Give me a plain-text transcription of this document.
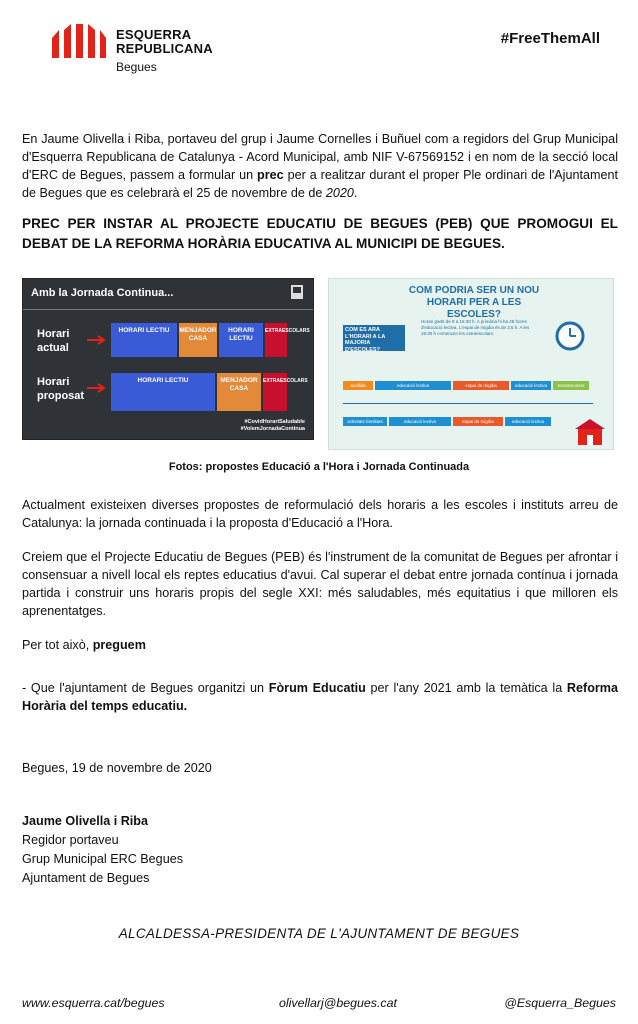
ESQUERRA
REPUBLICANA
Begues
#FreeThemAll
En Jaume Olivella i Riba, portaveu del grup i Jaume Cornelles i Buñuel com a regidors del Grup Municipal d'Esquerra Republicana de Catalunya - Acord Municipal, amb NIF V-67569152 i en nom de la secció local d'ERC de Begues, passem a formular un prec per a realitzar durant el proper Ple ordinari de l'Ajuntament de Begues que es celebrarà el 25 de novembre de de 2020.
PREC PER INSTAR AL PROJECTE EDUCATIU DE BEGUES (PEB) QUE PROMOGUI EL DEBAT DE LA REFORMA HORÀRIA EDUCATIVA AL MUNICIPI DE BEGUES.
Amb la Jornada Continua...
Horari actual
Horari proposat
HORARI LECTIU	MENJADOR CASA
HORARI LECTIU
EXTRAESCOLARS
HORARI LECTIU	MENJADOR CASA
EXTRAESCOLARS
#CovidHorariSaludable
#VolemJornadaContinua
COM PODRIA SER UN NOU HORARI PER A LES ESCOLES?
COM ES ARA L'HORARI A LA MAJORIA D'ESCOLES?
Horari partit de 9 a 16:30 h. A primària hi ha 25 hores d'educació lectiva. L'espai de migdia és de 2,5 h. A les 16:30 h comencen les extraescolars.
acollida	educació lectiva	espai de migdia	educació lectiva	extraescolars
activitats familiars	educació lectiva	espai de migdia	educació lectiva
Fotos: propostes Educació a l'Hora i Jornada Continuada
Actualment existeixen diverses propostes de reformulació dels horaris a les escoles i instituts arreu de Catalunya: la jornada continuada i la proposta d'Educació a l'Hora.
Creiem que el Projecte Educatiu de Begues (PEB) és l'instrument de la comunitat de Begues per afrontar i consensuar a nivell local els reptes educatius d'avui. Cal superar el debat entre jornada contínua i jornada partida i construir uns horaris propis del segle XXI: més saludables, més equitatius i que milloren els aprenentatges.
Per tot això, preguem
- Que l'ajuntament de Begues organitzi un Fòrum Educatiu per l'any 2021 amb la temàtica la Reforma Horària del temps educatiu.
Begues, 19 de novembre de 2020
Jaume Olivella i Riba
Regidor portaveu
Grup Municipal ERC Begues
Ajuntament de Begues
ALCALDESSA-PRESIDENTA DE L'AJUNTAMENT DE BEGUES
www.esquerra.cat/begues	olivellarj@begues.cat	@Esquerra_Begues
